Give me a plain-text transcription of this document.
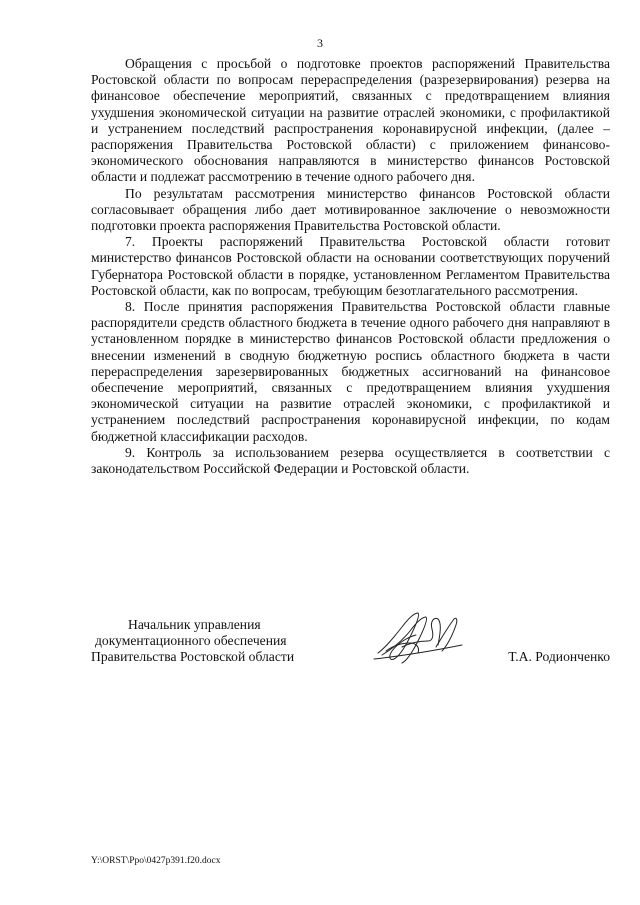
3

Обращения с просьбой о подготовке проектов распоряжений Правительства Ростовской области по вопросам перераспределения (разрезервирования) резерва на финансовое обеспечение мероприятий, связанных с предотвращением влияния ухудшения экономической ситуации на развитие отраслей экономики, с профилактикой и устранением последствий распространения коронавирусной инфекции, (далее – распоряжения Правительства Ростовской области) с приложением финансово-экономического обоснования направляются в министерство финансов Ростовской области и подлежат рассмотрению в течение одного рабочего дня.

По результатам рассмотрения министерство финансов Ростовской области согласовывает обращения либо дает мотивированное заключение о невозможности подготовки проекта распоряжения Правительства Ростовской области.

7. Проекты распоряжений Правительства Ростовской области готовит министерство финансов Ростовской области на основании соответствующих поручений Губернатора Ростовской области в порядке, установленном Регламентом Правительства Ростовской области, как по вопросам, требующим безотлагательного рассмотрения.

8. После принятия распоряжения Правительства Ростовской области главные распорядители средств областного бюджета в течение одного рабочего дня направляют в установленном порядке в министерство финансов Ростовской области предложения о внесении изменений в сводную бюджетную роспись областного бюджета в части перераспределения зарезервированных бюджетных ассигнований на финансовое обеспечение мероприятий, связанных с предотвращением влияния ухудшения экономической ситуации на развитие отраслей экономики, с профилактикой и устранением последствий распространения коронавирусной инфекции, по кодам бюджетной классификации расходов.

9. Контроль за использованием резерва осуществляется в соответствии с законодательством Российской Федерации и Ростовской области.

Начальник управления
документационного обеспечения
Правительства Ростовской области	Т.А. Родионченко
Y:\ORST\Ppo\0427p391.f20.docx
